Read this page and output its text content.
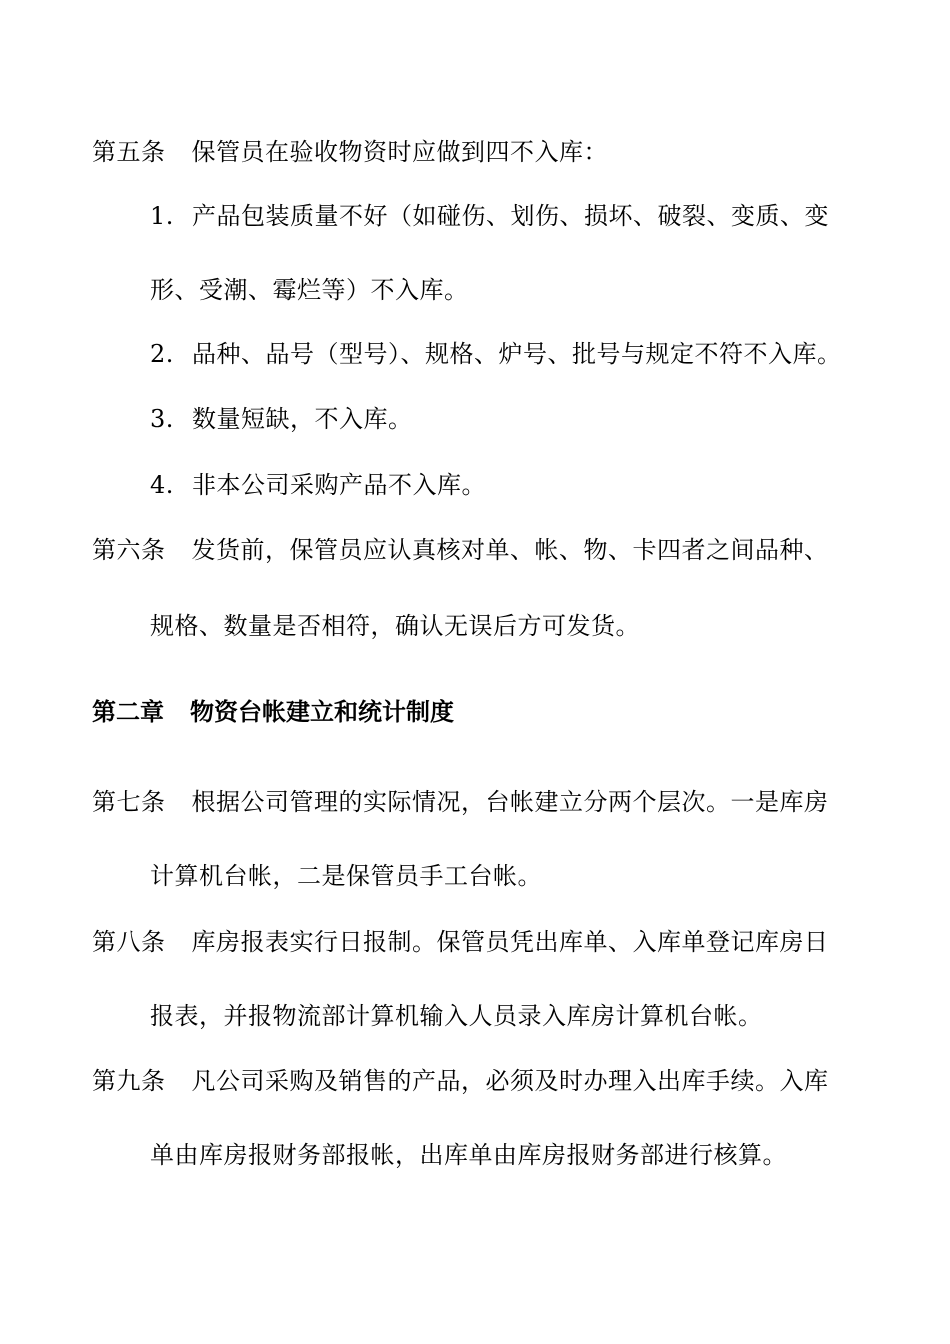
第五条 保管员在验收物资时应做到四不入库：
1. 产品包装质量不好（如碰伤、划伤、损坏、破裂、变质、变
形、受潮、霉烂等）不入库。
2. 品种、品号（型号）、规格、炉号、批号与规定不符不入库。
3. 数量短缺，不入库。
4. 非本公司采购产品不入库。
第六条 发货前，保管员应认真核对单、帐、物、卡四者之间品种、
规格、数量是否相符，确认无误后方可发货。
第二章 物资台帐建立和统计制度
第七条 根据公司管理的实际情况，台帐建立分两个层次。一是库房
计算机台帐，二是保管员手工台帐。
第八条 库房报表实行日报制。保管员凭出库单、入库单登记库房日
报表，并报物流部计算机输入人员录入库房计算机台帐。
第九条 凡公司采购及销售的产品，必须及时办理入出库手续。入库
单由库房报财务部报帐，出库单由库房报财务部进行核算。
